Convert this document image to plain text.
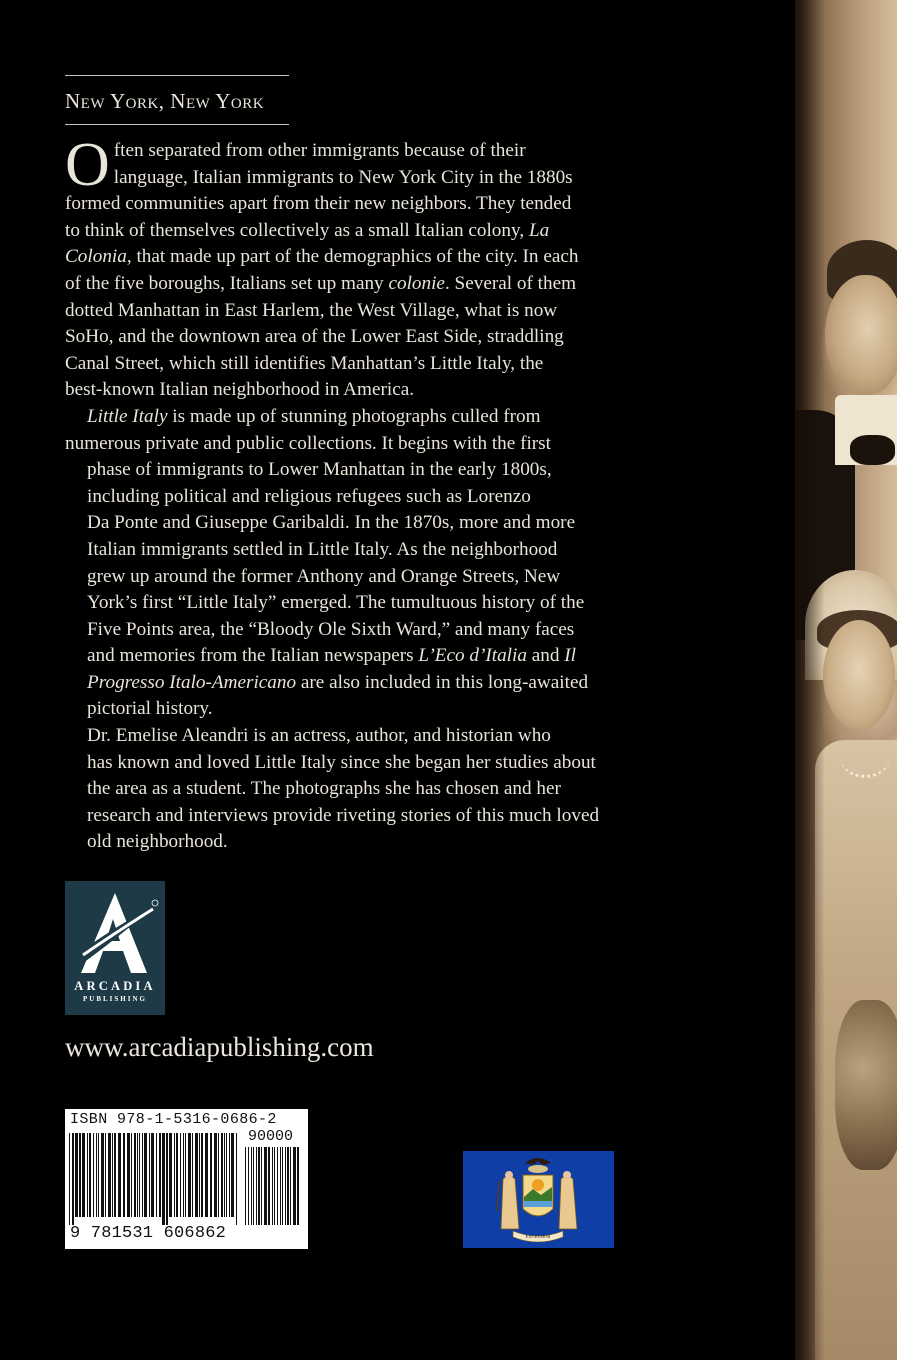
New York, New York

O ften separated from other immigrants because of their
language, Italian immigrants to New York City in the 1880s
formed communities apart from their new neighbors. They tended
to think of themselves collectively as a small Italian colony, La
Colonia, that made up part of the demographics of the city. In each
of the five boroughs, Italians set up many colonie. Several of them
dotted Manhattan in East Harlem, the West Village, what is now
SoHo, and the downtown area of the Lower East Side, straddling
Canal Street, which still identifies Manhattan’s Little Italy, the
best-known Italian neighborhood in America.

Little Italy is made up of stunning photographs culled from
numerous private and public collections. It begins with the first
phase of immigrants to Lower Manhattan in the early 1800s,
including political and religious refugees such as Lorenzo
Da Ponte and Giuseppe Garibaldi. In the 1870s, more and more
Italian immigrants settled in Little Italy. As the neighborhood
grew up around the former Anthony and Orange Streets, New
York’s first “Little Italy” emerged. The tumultuous history of the
Five Points area, the “Bloody Ole Sixth Ward,” and many faces
and memories from the Italian newspapers L’Eco d’Italia and Il
Progresso Italo-Americano are also included in this long-awaited
pictorial history.

Dr. Emelise Aleandri is an actress, author, and historian who
has known and loved Little Italy since she began her studies about
the area as a student. The photographs she has chosen and her
research and interviews provide riveting stories of this much loved
old neighborhood.

ARCADIA
PUBLISHING
www.arcadiapublishing.com
ISBN 978-1-5316-0686-2
90000
9 781531 606862	EXCELSIOR
